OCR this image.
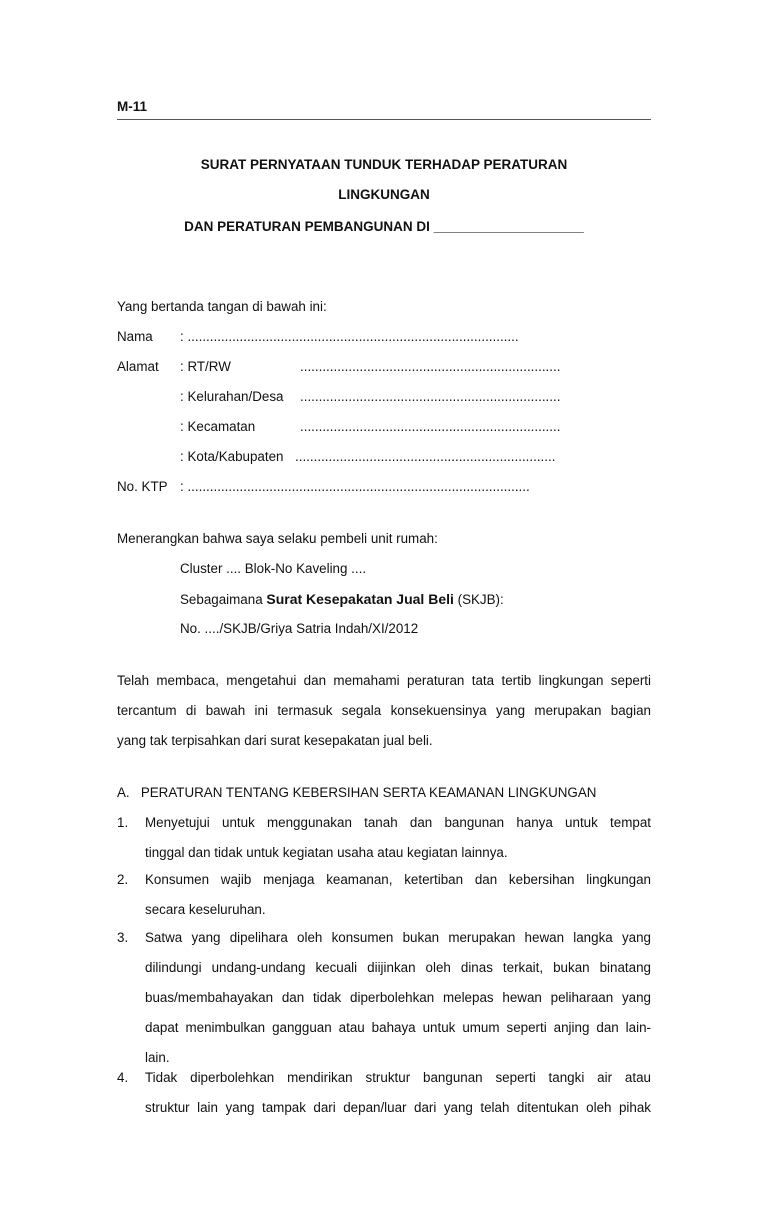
M-11
SURAT PERNYATAAN TUNDUK TERHADAP PERATURAN
LINGKUNGAN
DAN PERATURAN PEMBANGUNAN DI ____________________
Yang bertanda tangan di bawah ini:
Nama : .........................................................................................
Alamat : RT/RW	......................................................................
: Kelurahan/Desa ......................................................................
: Kecamatan	......................................................................
: Kota/Kabupaten ......................................................................
No. KTP : ............................................................................................
Menerangkan bahwa saya selaku pembeli unit rumah:
Cluster .... Blok-No Kaveling ....
Sebagaimana Surat Kesepakatan Jual Beli (SKJB):
No. ..../SKJB/Griya Satria Indah/XI/2012
Telah membaca, mengetahui dan memahami peraturan tata tertib lingkungan seperti
tercantum di bawah ini termasuk segala konsekuensinya yang merupakan bagian
yang tak terpisahkan dari surat kesepakatan jual beli.
A.   PERATURAN TENTANG KEBERSIHAN SERTA KEAMANAN LINGKUNGAN
1. Menyetujui untuk menggunakan tanah dan bangunan hanya untuk tempat
tinggal dan tidak untuk kegiatan usaha atau kegiatan lainnya.
2. Konsumen wajib menjaga keamanan, ketertiban dan kebersihan lingkungan
secara keseluruhan.
3. Satwa yang dipelihara oleh konsumen bukan merupakan hewan langka yang
dilindungi undang-undang kecuali diijinkan oleh dinas terkait, bukan binatang
buas/membahayakan dan tidak diperbolehkan melepas hewan peliharaan yang
dapat menimbulkan gangguan atau bahaya untuk umum seperti anjing dan lain-
lain.
4. Tidak diperbolehkan mendirikan struktur bangunan seperti tangki air atau
struktur lain yang tampak dari depan/luar dari yang telah ditentukan oleh pihak
